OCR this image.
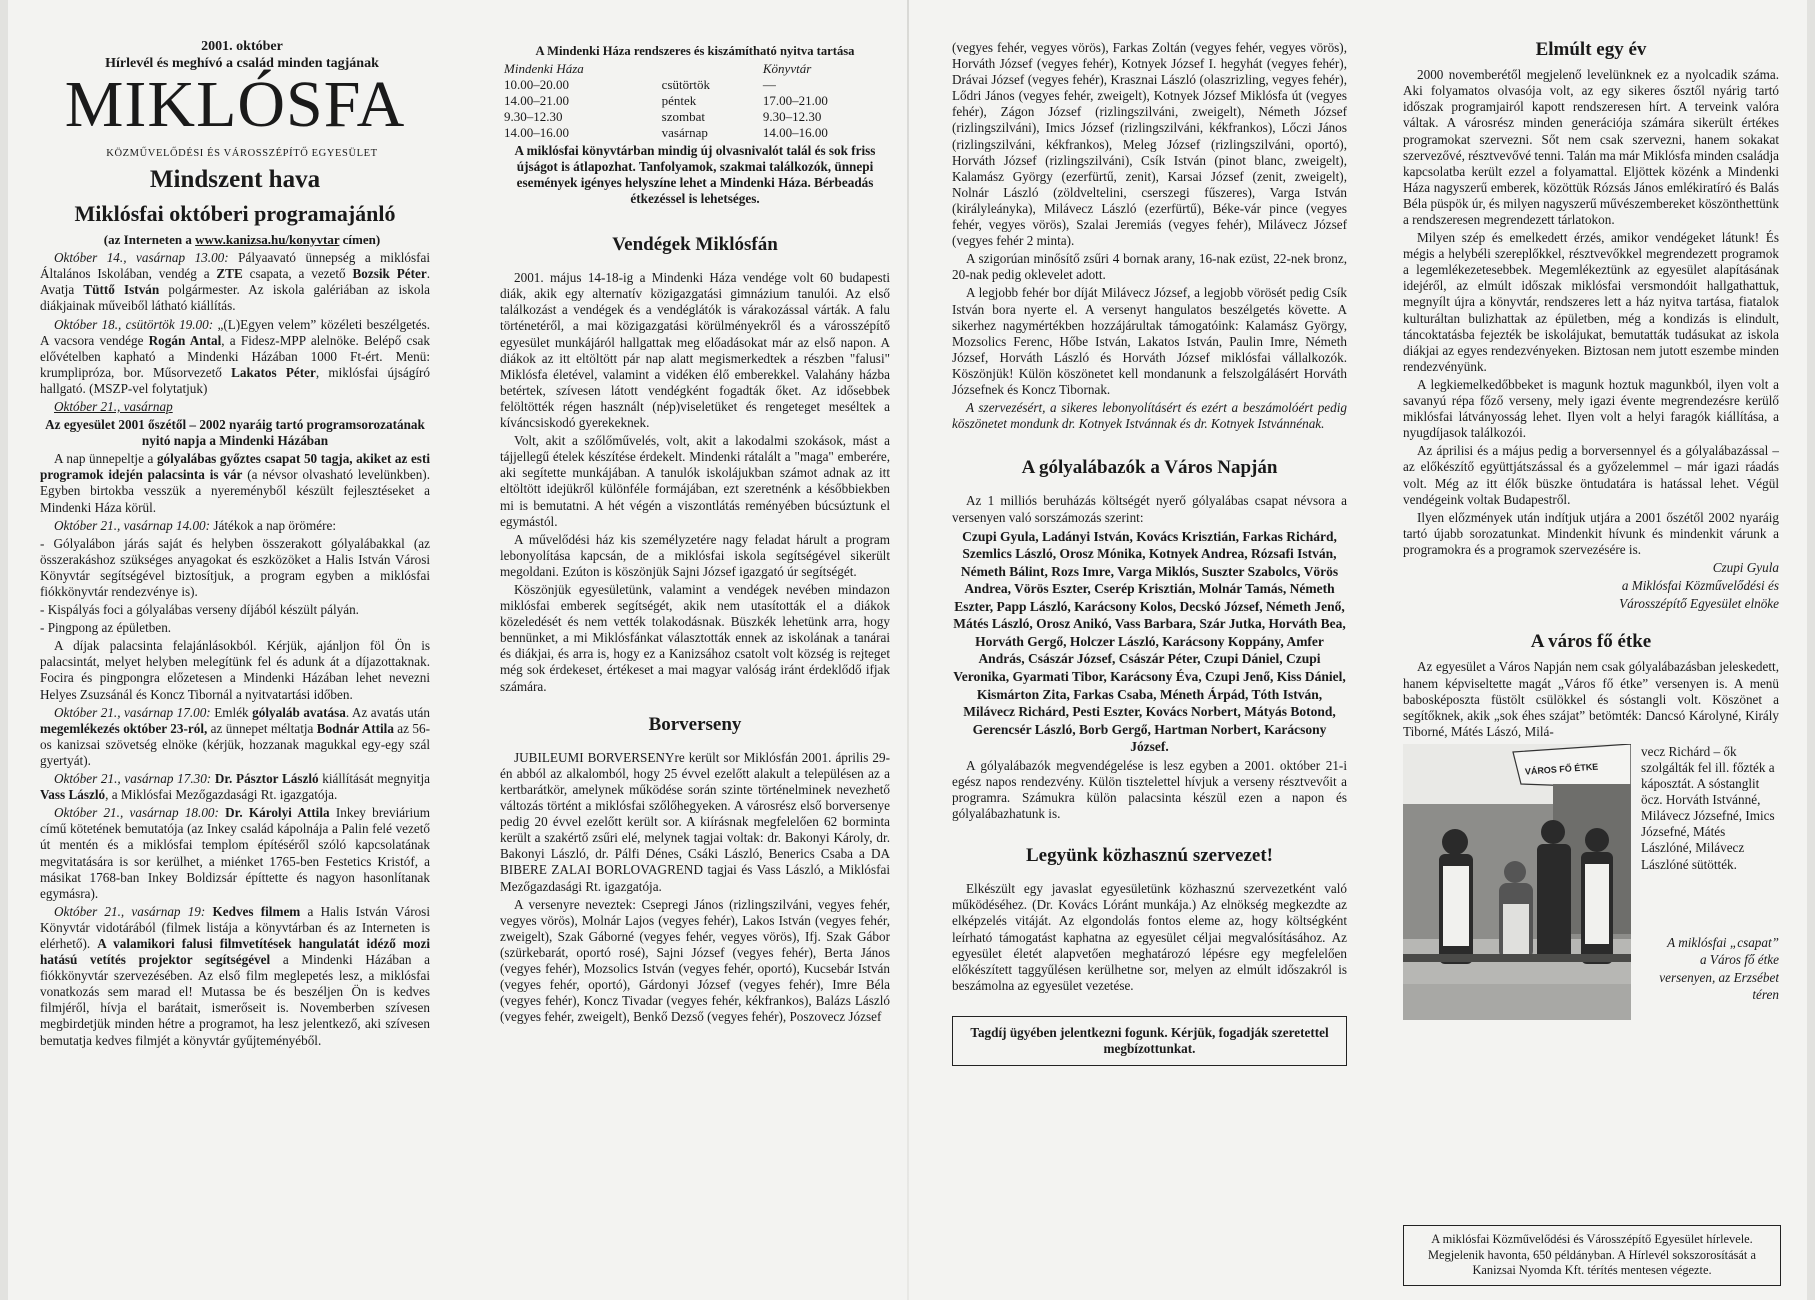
2001. október

Hírlevél és meghívó a család minden tagjának

MIKLÓSFA

KÖZMŰVELŐDÉSI ÉS VÁROSSZÉPÍTŐ EGYESÜLET

Mindszent hava
Miklósfai októberi programajánló

(az Interneten a www.kanizsa.hu/konyvtar címen)

Október 14., vasárnap 13.00: Pályaavató ünnepség a miklósfai Általános Iskolában, vendég a ZTE csapata, a vezető Bozsik Péter. Avatja Tüttő István polgármester. Az iskola galériában az iskola diákjainak műveiből látható kiállítás.

Október 18., csütörtök 19.00: „(L)Egyen velem” közéleti beszélgetés. A vacsora vendége Rogán Antal, a Fidesz-MPP alelnöke. Belépő csak elővételben kapható a Mindenki Házában 1000 Ft-ért. Menü: krumplipróza, bor. Műsorvezető Lakatos Péter, miklósfai újságíró hallgató. (MSZP-vel folytatjuk)

Október 21., vasárnap

Az egyesület 2001 őszétől – 2002 nyaráig tartó programsorozatának nyitó napja a Mindenki Házában

A nap ünnepeltje a gólyalábas győztes csapat 50 tagja, akiket az esti programok idején palacsinta is vár (a névsor olvasható levelünkben). Egyben birtokba vesszük a nyereményből készült fejlesztéseket a Mindenki Háza körül.

Október 21., vasárnap 14.00: Játékok a nap örömére:

- Gólyalábon járás saját és helyben összerakott gólyalábakkal (az összerakáshoz szükséges anyagokat és eszközöket a Halis István Városi Könyvtár segítségével biztosítjuk, a program egyben a miklósfai fiókkönyvtár rendezvénye is).

- Kispályás foci a gólyalábas verseny díjából készült pályán.

- Pingpong az épületben.

A díjak palacsinta felajánlásokból. Kérjük, ajánljon föl Ön is palacsintát, melyet helyben melegítünk fel és adunk át a díjazottaknak. Focira és pingpongra előzetesen a Mindenki Házában lehet nevezni Helyes Zsuzsánál és Koncz Tibornál a nyitvatartási időben.

Október 21., vasárnap 17.00: Emlék gólyaláb avatása. Az avatás után megemlékezés október 23-ról, az ünnepet méltatja Bodnár Attila az 56-os kanizsai szövetség elnöke (kérjük, hozzanak magukkal egy-egy szál gyertyát).

Október 21., vasárnap 17.30: Dr. Pásztor László kiállítását megnyitja Vass László, a Miklósfai Mezőgazdasági Rt. igazgatója.

Október 21., vasárnap 18.00: Dr. Károlyi Attila Inkey breviárium című kötetének bemutatója (az Inkey család kápolnája a Palin felé vezető út mentén és a miklósfai templom építéséről szóló kapcsolatának megvitatására is sor kerülhet, a miénket 1765-ben Festetics Kristóf, a másikat 1768-ban Inkey Boldizsár építtette és nagyon hasonlítanak egymásra).

Október 21., vasárnap 19: Kedves filmem a Halis István Városi Könyvtár vidotárából (filmek listája a könyvtárban és az Interneten is elérhető). A valamikori falusi filmvetítések hangulatát idéző mozi hatású vetítés projektor segítségével a Mindenki Házában a fiókkönyvtár szervezésében. Az első film meglepetés lesz, a miklósfai vonatkozás sem marad el! Mutassa be és beszéljen Ön is kedves filmjéről, hívja el barátait, ismerőseit is. Novemberben szívesen megbirdetjük minden hétre a programot, ha lesz jelentkező, aki szívesen bemutatja kedves filmjét a könyvtár gyűjteményéből.

A Mindenki Háza rendszeres és kiszámítható nyitva tartása

Mindenki Háza		Könyvtár
10.00–20.00	csütörtök	—
14.00–21.00	péntek	17.00–21.00
9.30–12.30	szombat	9.30–12.30
14.00–16.00	vasárnap	14.00–16.00

A miklósfai könyvtárban mindig új olvasnivalót talál és sok friss újságot is átlapozhat. Tanfolyamok, szakmai találkozók, ünnepi események igényes helyszíne lehet a Mindenki Háza. Bérbeadás étkezéssel is lehetséges.

Vendégek Miklósfán

2001. május 14-18-ig a Mindenki Háza vendége volt 60 budapesti diák, akik egy alternatív közigazgatási gimnázium tanulói. Az első találkozást a vendégek és a vendéglátók is várakozással várták. A falu történetéről, a mai közigazgatási körülményekről és a városszépítő egyesület munkájáról hallgattak meg előadásokat már az első napon. A diákok az itt eltöltött pár nap alatt megismerkedtek a részben "falusi" Miklósfa életével, valamint a vidéken élő emberekkel. Valahány házba betértek, szívesen látott vendégként fogadták őket. Az idősebbek felöltötték régen használt (nép)viseletüket és rengeteget meséltek a kíváncsiskodó gyerekeknek.

Volt, akit a szőlőművelés, volt, akit a lakodalmi szokások, mást a tájjellegű ételek készítése érdekelt. Mindenki rátalált a "maga" emberére, aki segítette munkájában. A tanulók iskolájukban számot adnak az itt eltöltött idejükről különféle formájában, ezt szeretnénk a későbbiekben mi is bemutatni. A hét végén a viszontlátás reményében búcsúztunk el egymástól.

A művelődési ház kis személyzetére nagy feladat hárult a program lebonyolítása kapcsán, de a miklósfai iskola segítségével sikerült megoldani. Ezúton is köszönjük Sajni József igazgató úr segítségét.

Köszönjük egyesületünk, valamint a vendégek nevében mindazon miklósfai emberek segítségét, akik nem utasították el a diákok közeledését és nem vették tolakodásnak. Büszkék lehetünk arra, hogy bennünket, a mi Miklósfánkat választották ennek az iskolának a tanárai és diákjai, és arra is, hogy ez a Kanizsához csatolt volt község is rejteget még sok érdekeset, értékeset a mai magyar valóság iránt érdeklődő ifjak számára.

Borverseny

JUBILEUMI BORVERSENYre került sor Miklósfán 2001. április 29-én abból az alkalomból, hogy 25 évvel ezelőtt alakult a településen az a kertbarátkör, amelynek működése során szinte történelminek nevezhető változás történt a miklósfai szőlőhegyeken. A városrész első borversenye pedig 20 évvel ezelőtt került sor. A kiírásnak megfelelően 62 borminta került a szakértő zsűri elé, melynek tagjai voltak: dr. Bakonyi Károly, dr. Bakonyi László, dr. Pálfi Dénes, Csáki László, Benerics Csaba a DA BIBERE ZALAI BORLOVAGREND tagjai és Vass László, a Miklósfai Mezőgazdasági Rt. igazgatója.

A versenyre neveztek: Csepregi János (rizlingszilváni, vegyes fehér, vegyes vörös), Molnár Lajos (vegyes fehér), Lakos István (vegyes fehér, zweigelt), Szak Gáborné (vegyes fehér, vegyes vörös), Ifj. Szak Gábor (szürkebarát, oportó rosé), Sajni József (vegyes fehér), Berta János (vegyes fehér), Mozsolics István (vegyes fehér, oportó), Kucsebár István (vegyes fehér, oportó), Gárdonyi József (vegyes fehér), Imre Béla (vegyes fehér), Koncz Tivadar (vegyes fehér, kékfrankos), Balázs László (vegyes fehér, zweigelt), Benkő Dezső (vegyes fehér), Poszovecz József

(vegyes fehér, vegyes vörös), Farkas Zoltán (vegyes fehér, vegyes vörös), Horváth József (vegyes fehér), Kotnyek József I. hegyhát (vegyes fehér), Drávai József (vegyes fehér), Krasznai László (olaszrizling, vegyes fehér), Lődri János (vegyes fehér, zweigelt), Kotnyek József Miklósfa út (vegyes fehér), Zágon József (rizlingszilváni, zweigelt), Németh József (rizlingszilváni), Imics József (rizlingszilváni, kékfrankos), Lőczi János (rizlingszilváni, kékfrankos), Meleg József (rizlingszilváni, oportó), Horváth József (rizlingszilváni), Csík István (pinot blanc, zweigelt), Kalamász György (ezerfürtű, zenit), Karsai József (zenit, zweigelt), Nolnár László (zöldveltelini, cserszegi fűszeres), Varga István (királyleányka), Milávecz László (ezerfürtű), Béke-vár pince (vegyes fehér, vegyes vörös), Szalai Jeremiás (vegyes fehér), Milávecz József (vegyes fehér 2 minta).

A szigorúan minősítő zsűri 4 bornak arany, 16-nak ezüst, 22-nek bronz, 20-nak pedig oklevelet adott.

A legjobb fehér bor díját Milávecz József, a legjobb vörösét pedig Csík István bora nyerte el. A versenyt hangulatos beszélgetés követte. A sikerhez nagymértékben hozzájárultak támogatóink: Kalamász György, Mozsolics Ferenc, Hőbe István, Lakatos István, Paulin Imre, Németh József, Horváth László és Horváth József miklósfai vállalkozók. Köszönjük! Külön köszönetet kell mondanunk a felszolgálásért Horváth Józsefnek és Koncz Tibornak.

A szervezésért, a sikeres lebonyolításért és ezért a beszámolóért pedig köszönetet mondunk dr. Kotnyek Istvánnak és dr. Kotnyek Istvánnénak.

A gólyalábazók a Város Napján

Az 1 milliós beruházás költségét nyerő gólyalábas csapat névsora a versenyen való sorszámozás szerint:

Czupi Gyula, Ladányi István, Kovács Krisztián, Farkas Richárd, Szemlics László, Orosz Mónika, Kotnyek Andrea, Rózsafi István, Németh Bálint, Rozs Imre, Varga Miklós, Suszter Szabolcs, Vörös Andrea, Vörös Eszter, Cserép Krisztián, Molnár Tamás, Németh Eszter, Papp László, Karácsony Kolos, Decskó József, Németh Jenő, Mátés László, Orosz Anikó, Vass Barbara, Szár Jutka, Horváth Bea, Horváth Gergő, Holczer László, Karácsony Koppány, Amfer András, Császár József, Császár Péter, Czupi Dániel, Czupi Veronika, Gyarmati Tibor, Karácsony Éva, Czupi Jenő, Kiss Dániel, Kismárton Zita, Farkas Csaba, Méneth Árpád, Tóth István, Milávecz Richárd, Pesti Eszter, Kovács Norbert, Mátyás Botond, Gerencsér László, Borb Gergő, Hartman Norbert, Karácsony József.

A gólyalábazók megvendégelése is lesz egyben a 2001. október 21-i egész napos rendezvény. Külön tisztelettel hívjuk a verseny résztvevőit a programra. Számukra külön palacsinta készül ezen a napon és gólyalábazhatunk is.

Legyünk közhasznú szervezet!

Elkészült egy javaslat egyesületünk közhasznú szervezetként való működéséhez. (Dr. Kovács Lóránt munkája.) Az elnökség megkezdte az elképzelés vitáját. Az elgondolás fontos eleme az, hogy költségként leírható támogatást kaphatna az egyesület céljai megvalósításához. Az egyesület életét alapvetően meghatározó lépésre egy megfelelően előkészített taggyűlésen kerülhetne sor, melyen az elmúlt időszakról is beszámolna az egyesület vezetése.

Tagdíj ügyében jelentkezni fogunk. Kérjük, fogadják szeretettel megbízottunkat.
Elmúlt egy év

2000 novemberétől megjelenő levelünknek ez a nyolcadik száma. Aki folyamatos olvasója volt, az egy sikeres ősztől nyárig tartó időszak programjairól kapott rendszeresen hírt. A terveink valóra váltak. A városrész minden generációja számára sikerült értékes programokat szervezni. Sőt nem csak szervezni, hanem sokakat szervezővé, résztvevővé tenni. Talán ma már Miklósfa minden családja kapcsolatba került ezzel a folyamattal. Eljöttek közénk a Mindenki Háza nagyszerű emberek, közöttük Rózsás János emlékiratíró és Balás Béla püspök úr, és milyen nagyszerű művészembereket köszönthettünk a rendszeresen megrendezett tárlatokon.

Milyen szép és emelkedett érzés, amikor vendégeket látunk! És mégis a helybéli szereplőkkel, résztvevőkkel megrendezett programok a legemlékezetesebbek. Megemlékeztünk az egyesület alapításának idejéről, az elmúlt időszak miklósfai versmondóit hallgathattuk, megnyílt újra a könyvtár, rendszeres lett a ház nyitva tartása, fiatalok kulturáltan bulizhattak az épületben, még a kondizás is elindult, táncoktatásba fejezték be iskolájukat, bemutatták tudásukat az iskola diákjai az egyes rendezvényeken. Biztosan nem jutott eszembe minden rendezvényünk.

A legkiemelkedőbbeket is magunk hoztuk magunkból, ilyen volt a savanyú répa főző verseny, mely igazi évente megrendezésre kerülő miklósfai látványosság lehet. Ilyen volt a helyi faragók kiállítása, a nyugdíjasok találkozói.

Az áprilisi és a május pedig a borversennyel és a gólyalábazással – az előkészítő együttjátszással és a győzelemmel – már igazi ráadás volt. Még az itt élők büszke öntudatára is hatással lehet. Végül vendégeink voltak Budapestről.

Ilyen előzmények után indítjuk utjára a 2001 őszétől 2002 nyaráig tartó újabb sorozatunkat. Mindenkit hívunk és mindenkit várunk a programokra és a programok szervezésére is.

Czupi Gyula

a Miklósfai Közművelődési és

Városszépítő Egyesület elnöke

A város fő étke

Az egyesület a Város Napján nem csak gólyalábazásban jeleskedett, hanem képviseltette magát „Város fő étke” versenyen is. A menü babosképoszta füstölt csülökkel és sóstangli volt. Köszönet a segítőknek, akik „sok éhes szájat” betömték: Dancsó Károlyné, Király Tiborné, Mátés Lászó, Milá-

VÁROS FŐ ÉTKE

vecz Richárd – ők szolgálták fel ill. főzték a káposztát. A sóstanglit öcz. Horváth Istvánné, Milávecz Józsefné, Imics Józsefné, Mátés Lászlóné, Milávecz Lászlóné sütötték.

A miklósfai „csapat” a Város fő étke versenyen, az Erzsébet téren

A miklósfai Közművelődési és Városszépítő Egyesület hírlevele. Megjelenik havonta, 650 példányban. A Hírlevél sokszorosítását a Kanizsai Nyomda Kft. térítés mentesen végezte.
